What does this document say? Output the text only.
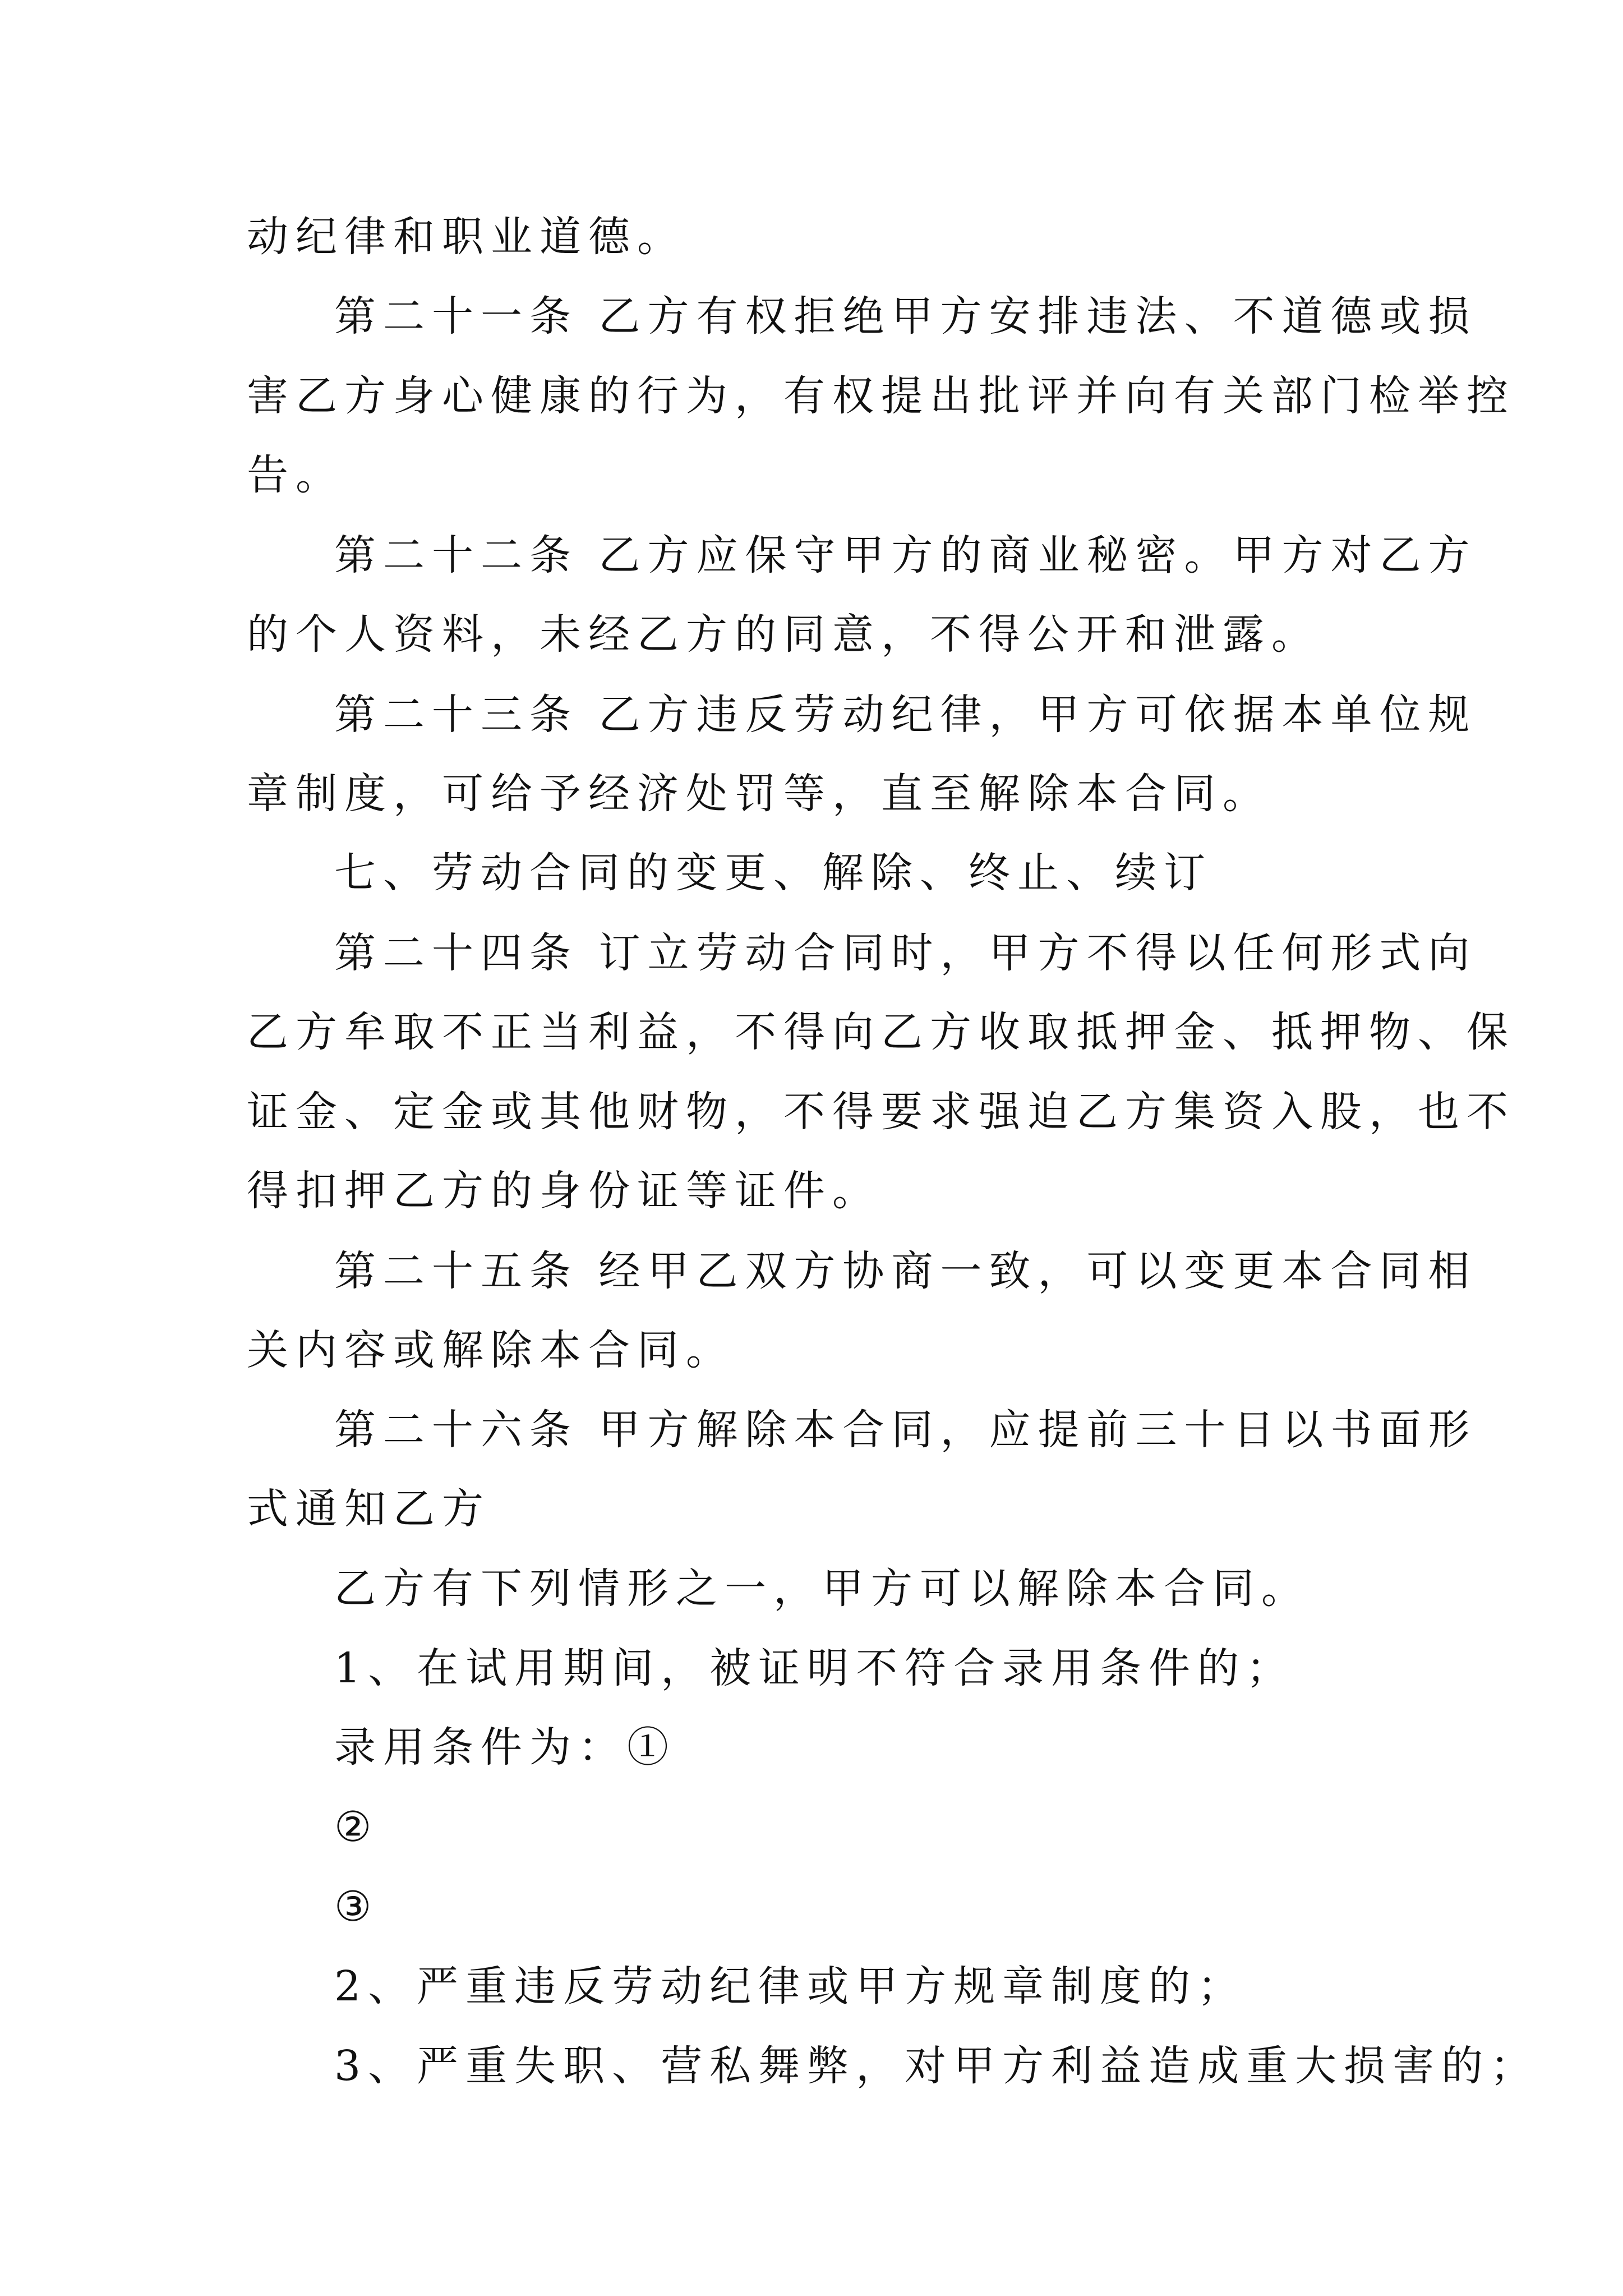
动纪律和职业道德。
第二十一条 乙方有权拒绝甲方安排违法、不道德或损
害乙方身心健康的行为，有权提出批评并向有关部门检举控
告。
第二十二条 乙方应保守甲方的商业秘密。甲方对乙方
的个人资料，未经乙方的同意，不得公开和泄露。
第二十三条 乙方违反劳动纪律，甲方可依据本单位规
章制度，可给予经济处罚等，直至解除本合同。
七、劳动合同的变更、解除、终止、续订
第二十四条 订立劳动合同时，甲方不得以任何形式向
乙方牟取不正当利益，不得向乙方收取抵押金、抵押物、保
证金、定金或其他财物，不得要求强迫乙方集资入股，也不
得扣押乙方的身份证等证件。
第二十五条 经甲乙双方协商一致，可以变更本合同相
关内容或解除本合同。
第二十六条 甲方解除本合同，应提前三十日以书面形
式通知乙方
乙方有下列情形之一，甲方可以解除本合同。
1、在试用期间，被证明不符合录用条件的；
录用条件为：①
②
③
2、严重违反劳动纪律或甲方规章制度的；
3、严重失职、营私舞弊，对甲方利益造成重大损害的；
